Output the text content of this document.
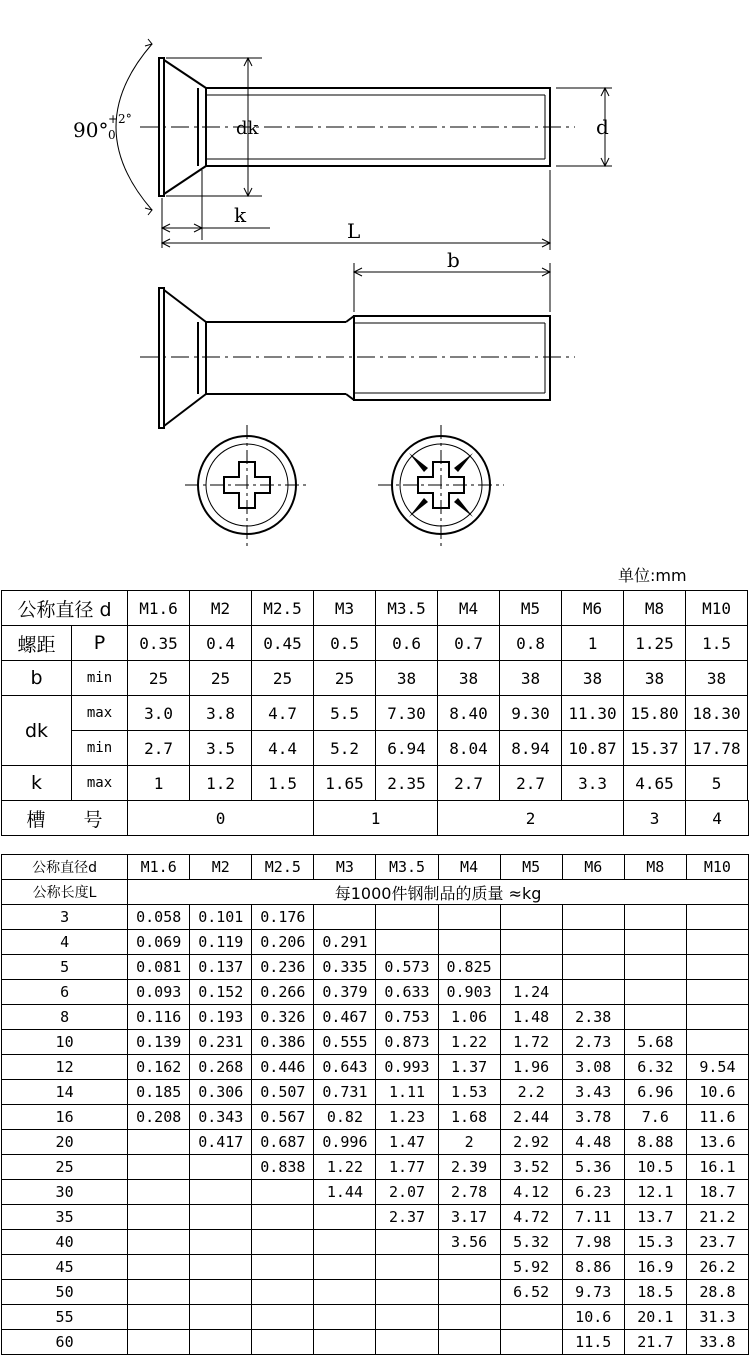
90° +2°
0	dk	d
k
L
b
单位:mm
公称直径 d		M1.6	M2	M2.5	M3	M3.5	M4	M5	M6	M8	M10
螺距	P	0.35	0.4	0.45	0.5	0.6	0.7	0.8	1	1.25	1.5
b	min	25	25	25	25	38	38	38	38	38	38
dk	max	3.0	3.8	4.7	5.5	7.30	8.40	9.30	11.30	15.80	18.30
	min	2.7	3.5	4.4	5.2	6.94	8.04	8.94	10.87	15.37	17.78
k	max	1	1.2	1.5	1.65	2.35	2.7	2.7	3.3	4.65	5
槽　　号		0			1		2			3	4
公称直径d	M1.6	M2	M2.5	M3	M3.5	M4	M5	M6	M8	M10
公称长度L	每1000件钢制品的质量 ≈kg									
3	0.058	0.101	0.176							
4	0.069	0.119	0.206	0.291						
5	0.081	0.137	0.236	0.335	0.573	0.825				
6	0.093	0.152	0.266	0.379	0.633	0.903	1.24			
8	0.116	0.193	0.326	0.467	0.753	1.06	1.48	2.38		
10	0.139	0.231	0.386	0.555	0.873	1.22	1.72	2.73	5.68	
12	0.162	0.268	0.446	0.643	0.993	1.37	1.96	3.08	6.32	9.54
14	0.185	0.306	0.507	0.731	1.11	1.53	2.2	3.43	6.96	10.6
16	0.208	0.343	0.567	0.82	1.23	1.68	2.44	3.78	7.6	11.6
20		0.417	0.687	0.996	1.47	2	2.92	4.48	8.88	13.6
25			0.838	1.22	1.77	2.39	3.52	5.36	10.5	16.1
30				1.44	2.07	2.78	4.12	6.23	12.1	18.7
35					2.37	3.17	4.72	7.11	13.7	21.2
40						3.56	5.32	7.98	15.3	23.7
45							5.92	8.86	16.9	26.2
50							6.52	9.73	18.5	28.8
55								10.6	20.1	31.3
60								11.5	21.7	33.8
